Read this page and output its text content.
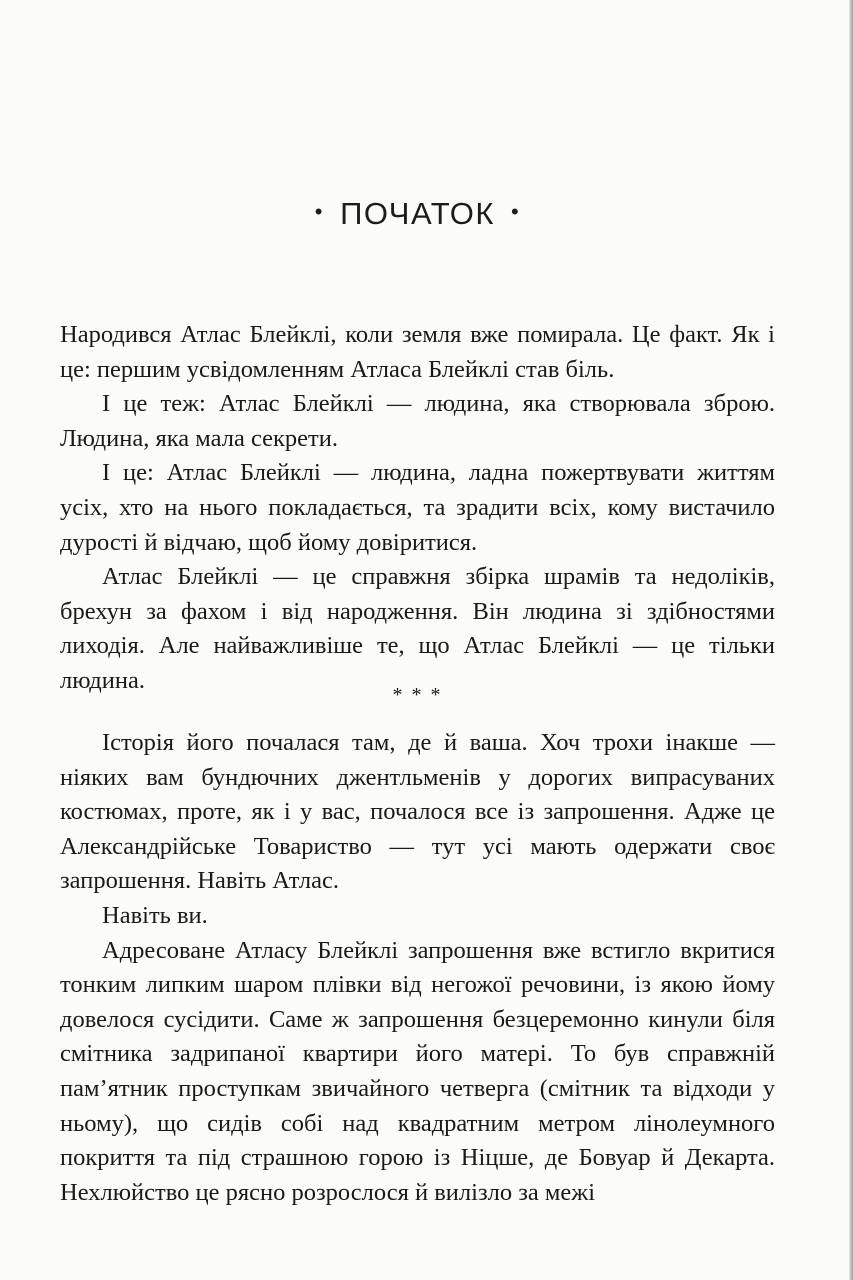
• ПОЧАТОК •

Народився Атлас Блейклі, коли земля вже помирала. Це факт. Як і це: першим усвідомленням Атласа Блейклі став біль.

І це теж: Атлас Блейклі — людина, яка створювала зброю. Людина, яка мала секрети.

І це: Атлас Блейклі — людина, ладна пожертвувати життям усіх, хто на нього покладається, та зрадити всіх, кому вистачило дурості й відчаю, щоб йому довіритися.

Атлас Блейклі — це справжня збірка шрамів та недоліків, брехун за фахом і від народження. Він людина зі здібностями лиходія. Але найважливіше те, що Атлас Блейклі — це тільки людина.

* * *

Історія його почалася там, де й ваша. Хоч трохи інакше — ніяких вам бундючних джентльменів у дорогих випрасуваних костюмах, проте, як і у вас, почалося все із запрошення. Адже це Александрійське Товариство — тут усі мають одержати своє запрошення. Навіть Атлас.

Навіть ви.

Адресоване Атласу Блейклі запрошення вже встигло вкритися тонким липким шаром плівки від негожої речовини, із якою йому довелося сусідити. Саме ж запрошення безцеремонно кинули біля смітника задрипаної квартири його матері. То був справжній пам’ятник проступкам звичайного четверга (смітник та відходи у ньому), що сидів собі над квадратним метром лінолеумного покриття та під страшною горою із Ніцше, де Бовуар й Декарта. Нехлюйство це рясно розрослося й вилізло за межі
